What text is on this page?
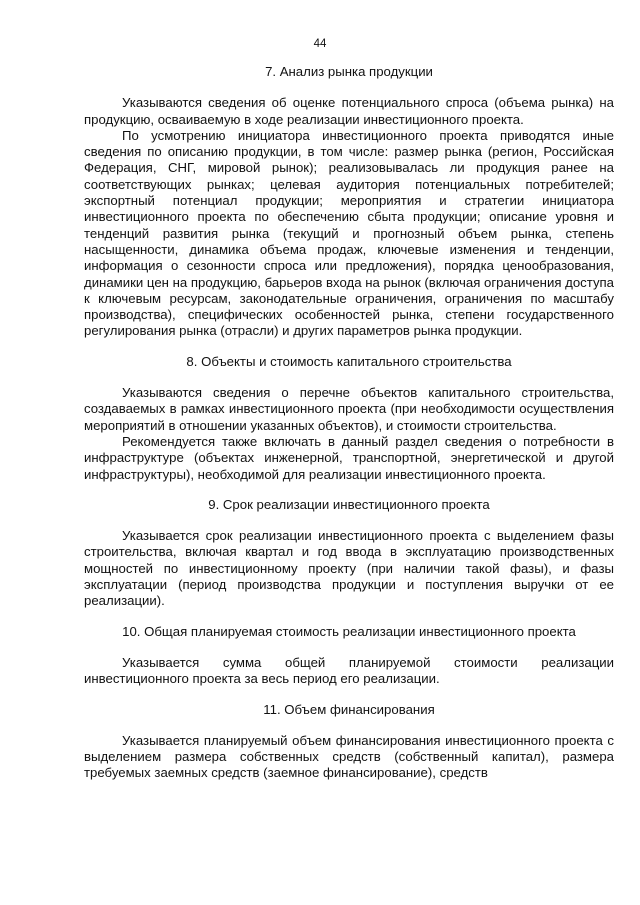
44
7. Анализ рынка продукции

Указываются сведения об оценке потенциального спроса (объема рынка) на продукцию, осваиваемую в ходе реализации инвестиционного проекта.

По усмотрению инициатора инвестиционного проекта приводятся иные сведения по описанию продукции, в том числе: размер рынка (регион, Российская Федерация, СНГ, мировой рынок); реализовывалась ли продукция ранее на соответствующих рынках; целевая аудитория потенциальных потребителей; экспортный потенциал продукции; мероприятия и стратегии инициатора инвестиционного проекта по обеспечению сбыта продукции; описание уровня и тенденций развития рынка (текущий и прогнозный объем рынка, степень насыщенности, динамика объема продаж, ключевые изменения и тенденции, информация о сезонности спроса или предложения), порядка ценообразования, динамики цен на продукцию, барьеров входа на рынок (включая ограничения доступа к ключевым ресурсам, законодательные ограничения, ограничения по масштабу производства), специфических особенностей рынка, степени государственного регулирования рынка (отрасли) и других параметров рынка продукции.

8. Объекты и стоимость капитального строительства

Указываются сведения о перечне объектов капитального строительства, создаваемых в рамках инвестиционного проекта (при необходимости осуществления мероприятий в отношении указанных объектов), и стоимости строительства.

Рекомендуется также включать в данный раздел сведения о потребности в инфраструктуре (объектах инженерной, транспортной, энергетической и другой инфраструктуры), необходимой для реализации инвестиционного проекта.

9. Срок реализации инвестиционного проекта

Указывается срок реализации инвестиционного проекта с выделением фазы строительства, включая квартал и год ввода в эксплуатацию производственных мощностей по инвестиционному проекту (при наличии такой фазы), и фазы эксплуатации (период производства продукции и поступления выручки от ее реализации).

10. Общая планируемая стоимость реализации инвестиционного проекта

Указывается сумма общей планируемой стоимости реализации инвестиционного проекта за весь период его реализации.

11. Объем финансирования

Указывается планируемый объем финансирования инвестиционного проекта с выделением размера собственных средств (собственный капитал), размера требуемых заемных средств (заемное финансирование), средств
